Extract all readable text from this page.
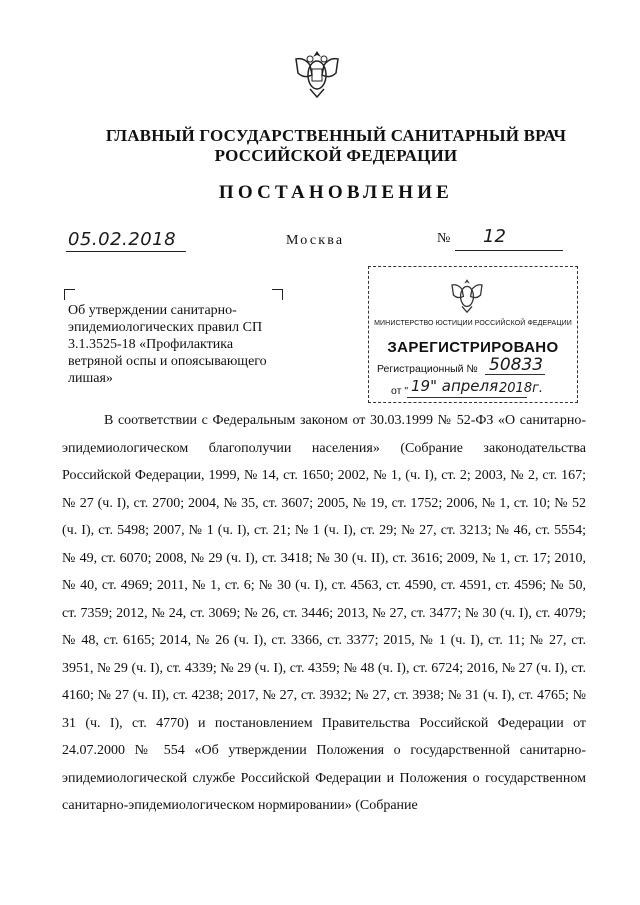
ГЛАВНЫЙ ГОСУДАРСТВЕННЫЙ САНИТАРНЫЙ ВРАЧ
РОССИЙСКОЙ ФЕДЕРАЦИИ
ПОСТАНОВЛЕНИЕ
05.02.2018	Москва	№ 12
Об утверждении санитарно-эпидемиологических правил СП 3.1.3525-18 «Профилактика ветряной оспы и опоясывающего лишая»
МИНИСТЕРСТВО ЮСТИЦИИ РОССИЙСКОЙ ФЕДЕРАЦИИ
ЗАРЕГИСТРИРОВАНО
Регистрационный № 50833
от " 19" апреля 2018г.
В соответствии с Федеральным законом от 30.03.1999 № 52-ФЗ «О санитарно-эпидемиологическом благополучии населения» (Собрание законодательства Российской Федерации, 1999, № 14, ст. 1650; 2002, № 1, (ч. I), ст. 2; 2003, № 2, ст. 167; № 27 (ч. I), ст. 2700; 2004, № 35, ст. 3607; 2005, № 19, ст. 1752; 2006, № 1, ст. 10; № 52 (ч. I), ст. 5498; 2007, № 1 (ч. I), ст. 21; № 1 (ч. I), ст. 29; № 27, ст. 3213; № 46, ст. 5554; № 49, ст. 6070; 2008, № 29 (ч. I), ст. 3418; № 30 (ч. II), ст. 3616; 2009, № 1, ст. 17; 2010, № 40, ст. 4969; 2011, № 1, ст. 6; № 30 (ч. I), ст. 4563, ст. 4590, ст. 4591, ст. 4596; № 50, ст. 7359; 2012, № 24, ст. 3069; № 26, ст. 3446; 2013, № 27, ст. 3477; № 30 (ч. I), ст. 4079; № 48, ст. 6165; 2014, № 26 (ч. I), ст. 3366, ст. 3377; 2015, № 1 (ч. I), ст. 11; № 27, ст. 3951, № 29 (ч. I), ст. 4339; № 29 (ч. I), ст. 4359; № 48 (ч. I), ст. 6724; 2016, № 27 (ч. I), ст. 4160; № 27 (ч. II), ст. 4238; 2017, № 27, ст. 3932; № 27, ст. 3938; № 31 (ч. I), ст. 4765; № 31 (ч. I), ст. 4770) и постановлением Правительства Российской Федерации от 24.07.2000 № 554 «Об утверждении Положения о государственной санитарно-эпидемиологической службе Российской Федерации и Положения о государственном санитарно-эпидемиологическом нормировании» (Собрание
